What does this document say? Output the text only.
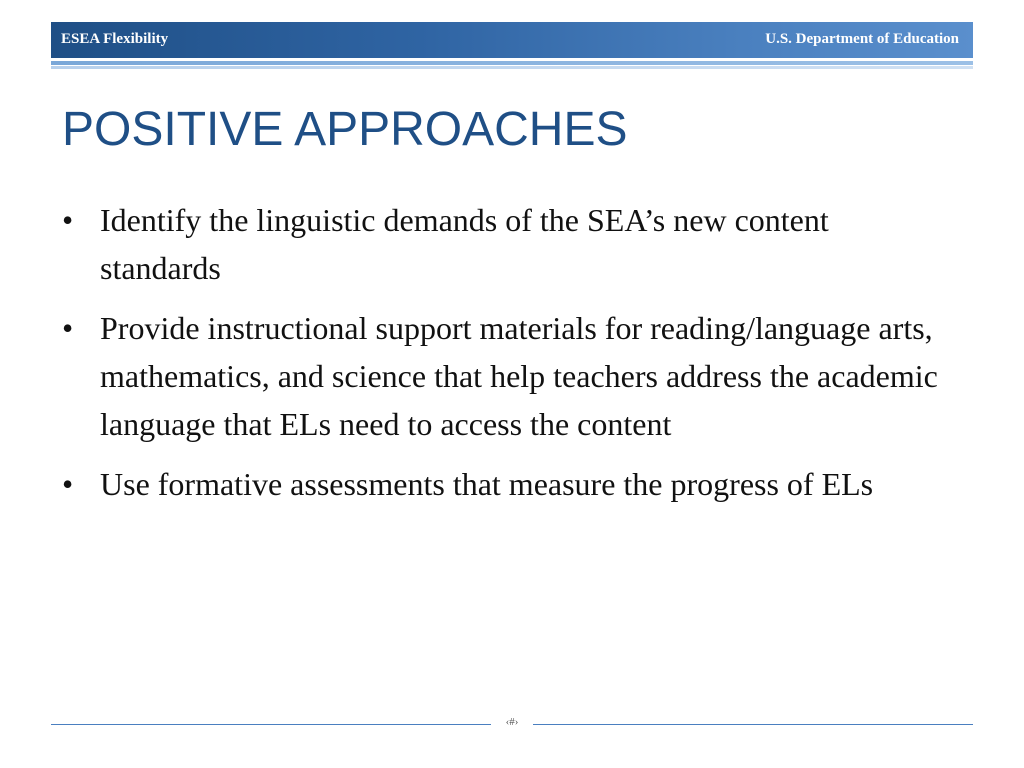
ESEA Flexibility	U.S. Department of Education
POSITIVE APPROACHES
• Identify the linguistic demands of the SEA’s new content standards
• Provide instructional support materials for reading/language arts, mathematics, and science that help teachers address the academic language that ELs need to access the content
• Use formative assessments that measure the progress of ELs
‹#›
